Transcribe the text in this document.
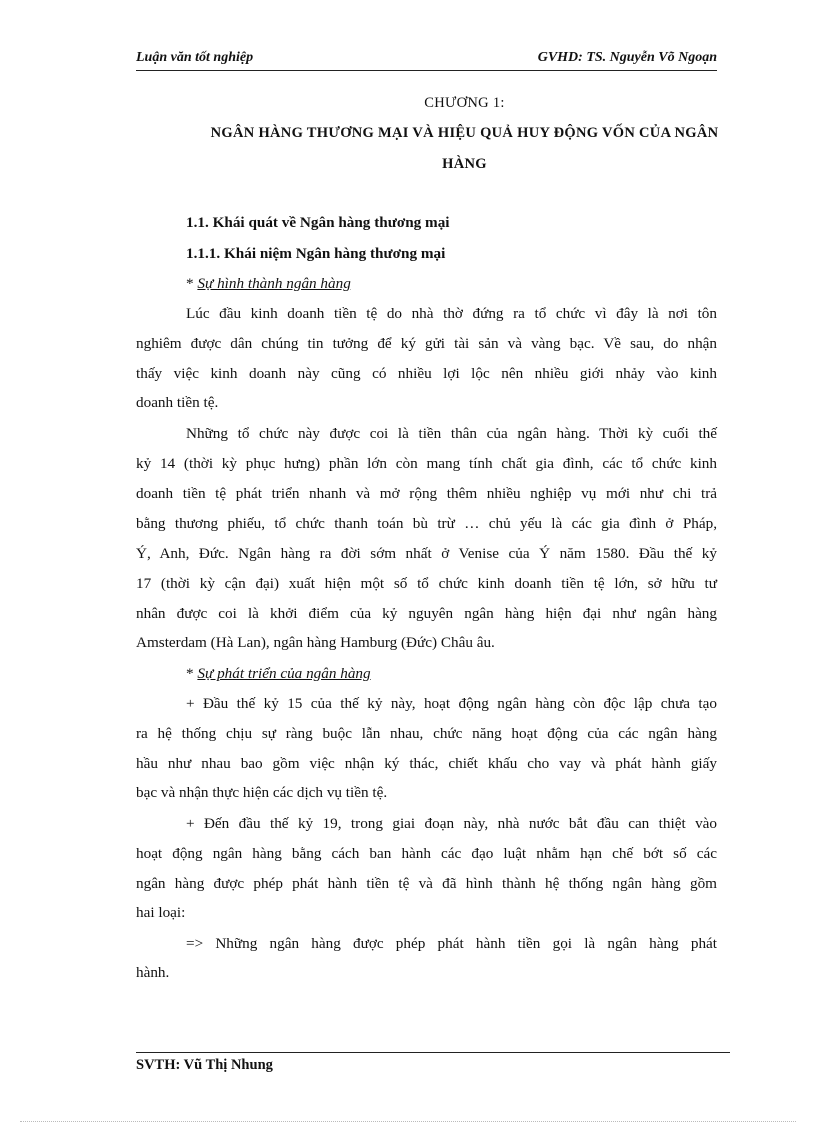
Luận văn tốt nghiệp	GVHD: TS. Nguyễn Võ Ngoạn
CHƯƠNG 1:
NGÂN HÀNG THƯƠNG MẠI VÀ HIỆU QUẢ HUY ĐỘNG VỐN CỦA NGÂN
HÀNG
1.1. Khái quát về Ngân hàng thương mại
1.1.1. Khái niệm Ngân hàng thương mại
* Sự hình thành ngân hàng
Lúc đầu kinh doanh tiền tệ do nhà thờ đứng ra tổ chức vì đây là nơi tôn
nghiêm được dân chúng tin tưởng để ký gửi tài sản và vàng bạc. Về sau, do nhận
thấy việc kinh doanh này cũng có nhiều lợi lộc nên nhiều giới nhảy vào kinh
doanh tiền tệ.
Những tổ chức này được coi là tiền thân của ngân hàng. Thời kỳ cuối thế
kỷ 14 (thời kỳ phục hưng) phần lớn còn mang tính chất gia đình, các tổ chức kinh
doanh tiền tệ phát triển nhanh và mở rộng thêm nhiều nghiệp vụ mới như chi trả
bằng thương phiếu, tổ chức thanh toán bù trừ … chủ yếu là các gia đình ở Pháp,
Ý, Anh, Đức. Ngân hàng ra đời sớm nhất ở Venise của Ý năm 1580. Đầu thế kỷ
17 (thời kỳ cận đại) xuất hiện một số tổ chức kinh doanh tiền tệ lớn, sở hữu tư
nhân được coi là khởi điểm của kỷ nguyên ngân hàng hiện đại như ngân hàng
Amsterdam (Hà Lan), ngân hàng Hamburg (Đức) Châu âu.
* Sự phát triển của ngân hàng
+ Đầu thế kỷ 15 của thế kỷ này, hoạt động ngân hàng còn độc lập chưa tạo
ra hệ thống chịu sự ràng buộc lẫn nhau, chức năng hoạt động của các ngân hàng
hầu như nhau bao gồm việc nhận ký thác, chiết khấu cho vay và phát hành giấy
bạc và nhận thực hiện các dịch vụ tiền tệ.
+ Đến đầu thế kỷ 19, trong giai đoạn này, nhà nước bắt đầu can thiệt vào
hoạt động ngân hàng bằng cách ban hành các đạo luật nhằm hạn chế bớt số các
ngân hàng được phép phát hành tiền tệ và đã hình thành hệ thống ngân hàng gồm
hai loại:
=> Những ngân hàng được phép phát hành tiền gọi là ngân hàng phát
hành.
SVTH: Vũ Thị Nhung
